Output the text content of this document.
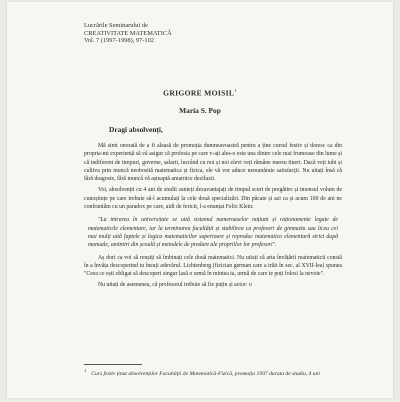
Lucrările Seminarului de
CREATIVITATE MATEMATICĂ
Vol. 7 (1997-1998), 97-102
GRIGORE MOISIL$^1$
Maria S. Pop
Dragi absolvenți,

Mă simt onorată de a fi aleasă de promoția dumneavoastră pentru a ține cursul festiv și doresc ca din propria-mi experiență să vă asigur că profesia pe care v-ați ales-o este una dintre cele mai frumoase din lume și că indiferent de timpuri, guverne, salarii, lucrând cu noi și noi elevi veți rămâne mereu tineri. Dacă veți iubi și cultiva prin muncă neobosită matematica și fizica, ele vă vor aduce nenumărate satisfacții. Nu uitați însă că fără dragoste, fără muncă vă așteaptă amarnice deziluzii.

Voi, absolvenții cu 4 ani de studii sunteți dezavantajați de timpul scurt de pregătire și imensul volum de cunoștințe pe care trebuie să-l acumulați la cele două specializări. Din păcate și azi ca și acum 100 de ani ne confruntăm cu un paradox pe care, aidi de fericit, l-a enunțat Felix Klein:

"La intrarea în universitate se uită sistemul numeroaselor noțiuni și raționamente legate de matematicile elementare, iar la terminarea facultății și stabilirea ca profesori de gimnaziu sau liceu cei mai mulți uită faptele și logica matematicilor superioare și reproduc matematica elementară strict după manuale, amintiri din școală și metodele de predare ale propriilor lor profesori".

Aș dori ca voi să reușiți să îmbinați cele două matematici. Nu uitați că arta învățării matematicii constă în a învăța descoperind tu însuți adevărul. Lichtenberg (fizician german care a trăit în sec. al XVII-lea) spunea "Ceea ce ești obligat să descoperi singur lasă o urmă în mintea ta, urmă de care te poți folosi la nevoie".

Nu uitați de asemenea, că profesorul trebuie să fie puțin și actor: o

$^1$Curs festiv ținut absolvenților Facultății de Matematică-Fizică, promoția 1997 durata de studiu, 4 ani
